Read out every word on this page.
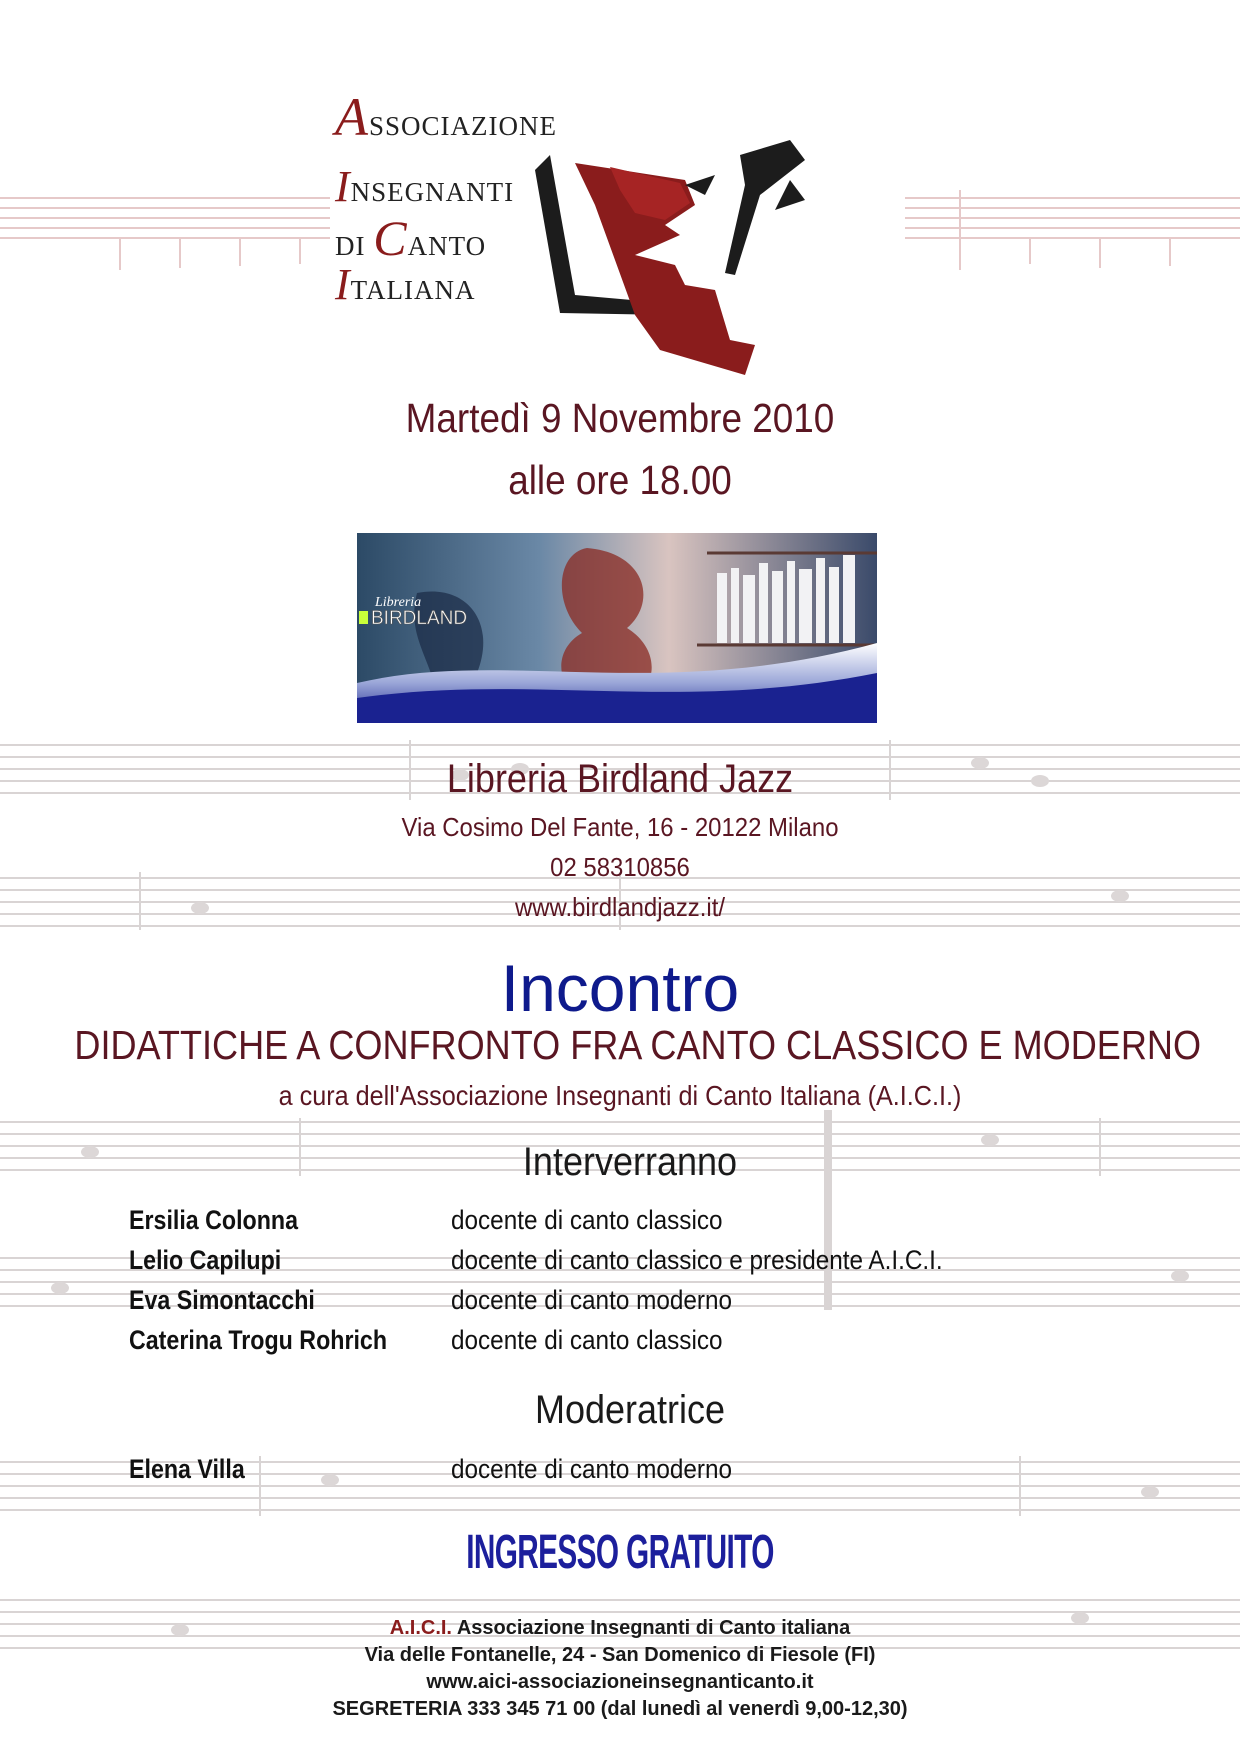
ASSOCIAZIONE
INSEGNANTI
DI CANTO
ITALIANA
Martedì 9 Novembre 2010
alle ore 18.00
Libreria
BIRDLAND
Libreria Birdland Jazz
Via Cosimo Del Fante, 16 - 20122 Milano
02 58310856
www.birdlandjazz.it/
Incontro
DIDATTICHE A CONFRONTO FRA CANTO CLASSICO E MODERNO
a cura dell'Associazione Insegnanti di Canto Italiana (A.I.C.I.)
Interverranno
Ersilia Colonna	docente di canto classico
Lelio Capilupi	docente di canto classico e presidente A.I.C.I.
Eva Simontacchi	docente di canto moderno
Caterina Trogu Rohrich docente di canto classico
Moderatrice
Elena Villa	docente di canto moderno
INGRESSO GRATUITO
A.I.C.I. Associazione Insegnanti di Canto italiana
Via delle Fontanelle, 24 - San Domenico di Fiesole (FI)
www.aici-associazioneinsegnanticanto.it
SEGRETERIA 333 345 71 00 (dal lunedì al venerdì 9,00-12,30)
